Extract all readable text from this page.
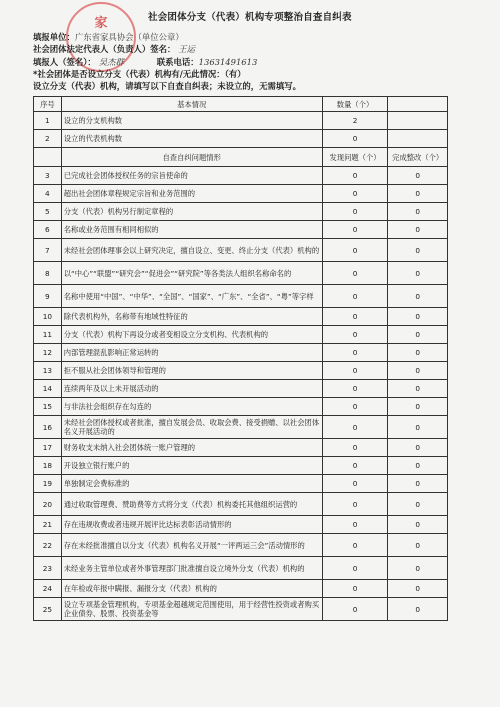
家	社会团体分支（代表）机构专项整治自查自纠表
填报单位：广东省家具协会（单位公章）
社会团体法定代表人（负责人）签名： 王运
填报人（签名）： 吴杰群	联系电话：13631491613
*社会团体是否设立分支（代表）机构有/无此情况：（有）
设立分支（代表）机构，请填写以下自查自纠表；未设立的，无需填写。
序号	基本情况	数量（个）	
1	设立的分支机构数	2	
2	设立的代表机构数	0	
	自查自纠问题情形	发现问题（个）	完成整改（个）
3	已完成社会团体授权任务的宗旨使命的	0	0
4	超出社会团体章程规定宗旨和业务范围的	0	0
5	分支（代表）机构另行制定章程的	0	0
6	名称或业务范围有相同相似的	0	0
7	未经社会团体理事会以上研究决定，擅自设立、变更、终止分支（代表）机构的	0	0
8	以“中心”“联盟”“研究会”“促进会”“研究院”等各类法人组织名称命名的	0	0
9	名称中使用“中国”、“中华”、“全国”、“国家”、“广东”、“全省”、“粤”等字样	0	0
10	除代表机构外，名称带有地域性特征的	0	0
11	分支（代表）机构下再设分或者变相设立分支机构、代表机构的	0	0
12	内部管理混乱影响正常运转的	0	0
13	拒不服从社会团体领导和管理的	0	0
14	连续两年及以上未开展活动的	0	0
15	与非法社会组织存在勾连的	0	0
16	未经社会团体授权或者批准，擅自发展会员、收取会费、接受捐赠、以社会团体名义开展活动的	0	0
17	财务收支未纳入社会团体统一账户管理的	0	0
18	开设独立银行账户的	0	0
19	单独制定会费标准的	0	0
20	通过收取管理费、赞助费等方式将分支（代表）机构委托其他组织运营的	0	0
21	存在违规收费或者违规开展评比达标表彰活动情形的	0	0
22	存在未经批准擅自以分支（代表）机构名义开展“一评两运三会”活动情形的	0	0
23	未经业务主管单位或者外事管理部门批准擅自设立境外分支（代表）机构的	0	0
24	在年检或年报中瞒报、漏报分支（代表）机构的	0	0
25	设立专项基金管理机构，专项基金超越规定范围使用，用于经营性投资或者购买企业债券、股票、投资基金等	0	0
